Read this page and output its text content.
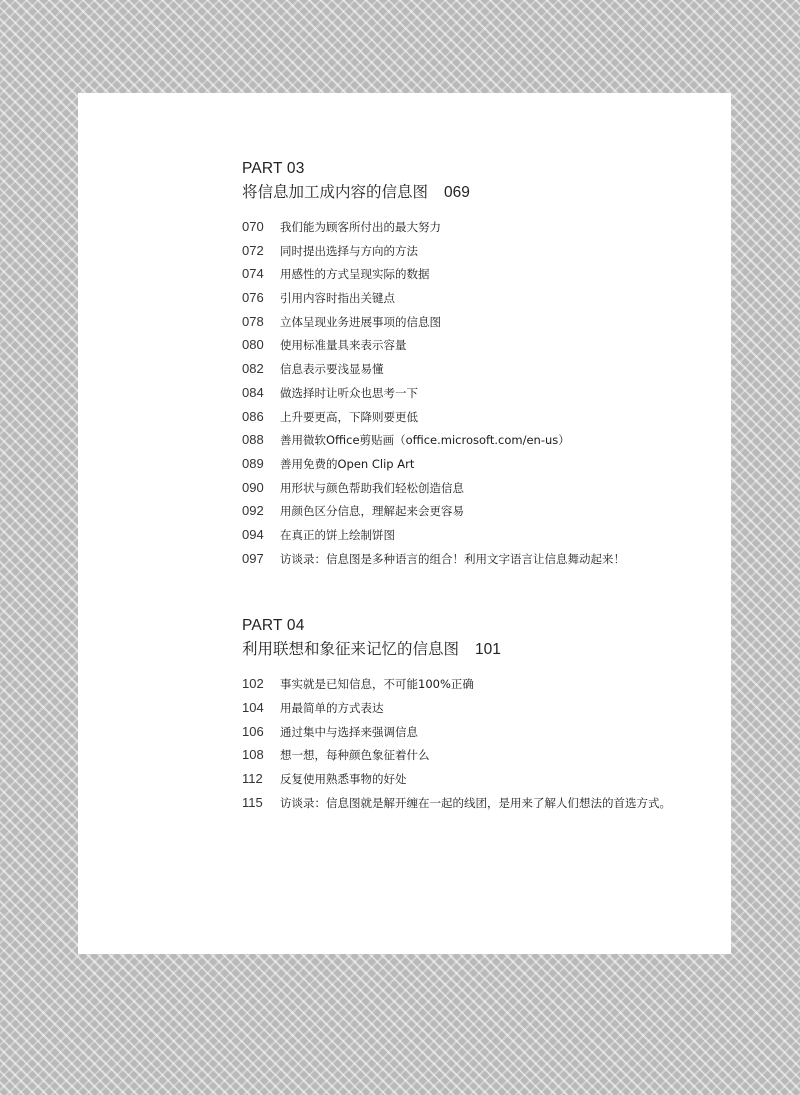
PART 03
将信息加工成内容的信息图 069
070 我们能为顾客所付出的最大努力
072 同时提出选择与方向的方法
074 用感性的方式呈现实际的数据
076 引用内容时指出关键点
078 立体呈现业务进展事项的信息图
080 使用标准量具来表示容量
082 信息表示要浅显易懂
084 做选择时让听众也思考一下
086 上升要更高，下降则要更低
088 善用微软Office剪贴画（office.microsoft.com/en-us）
089 善用免费的Open Clip Art
090 用形状与颜色帮助我们轻松创造信息
092 用颜色区分信息，理解起来会更容易
094 在真正的饼上绘制饼图
097 访谈录：信息图是多种语言的组合！利用文字语言让信息舞动起来！
PART 04
利用联想和象征来记忆的信息图 101
102 事实就是已知信息，不可能100%正确
104 用最简单的方式表达
106 通过集中与选择来强调信息
108 想一想，每种颜色象征着什么
112 反复使用熟悉事物的好处
115 访谈录：信息图就是解开缠在一起的线团，是用来了解人们想法的首选方式。
